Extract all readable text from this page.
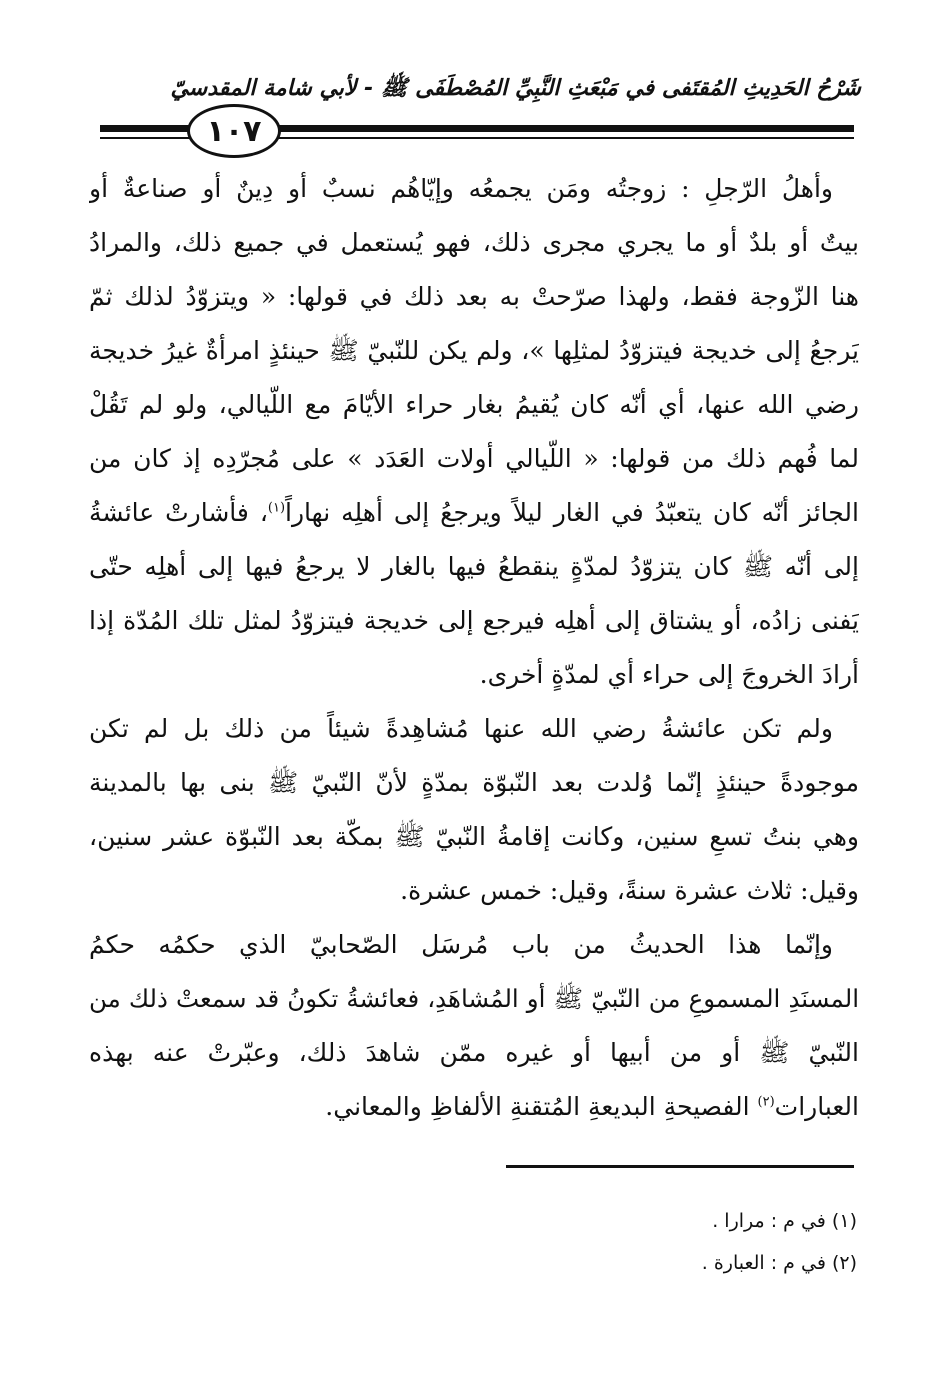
شَرْحُ الحَدِيثِ المُقتَفى في مَبْعَثِ النَّبِيِّ المُصْطَفَى ﷺ - لأبي شامة المقدسيّ
١٠٧
وأهلُ الرّجلِ : زوجتُه ومَن يجمعُه وإيّاهُم نسبٌ أو دِينٌ أو صناعةٌ أو
بيتٌ أو بلدٌ أو ما يجري مجرى ذلك، فهو يُستعمل في جميع ذلك، والمرادُ
هنا الزّوجة فقط، ولهذا صرّحتْ به بعد ذلك في قولها: « ويتزوّدُ لذلك ثمّ
يَرجعُ إلى خديجة فيتزوّدُ لمثلِها »، ولم يكن للنّبيّ ﷺ حينئذٍ امرأةٌ غيرُ خديجة
رضي الله عنها، أي أنّه كان يُقيمُ بغار حراء الأيّامَ مع اللّيالي، ولو لم تَقُلْ
لما فُهم ذلك من قولها: « اللّيالي أولات العَدَد » على مُجرّدِه إذ كان من
الجائز أنّه كان يتعبّدُ في الغار ليلاً ويرجعُ إلى أهلِه نهاراً$^{(١)}$، فأشارتْ عائشةُ
إلى أنّه ﷺ كان يتزوّدُ لمدّةٍ ينقطعُ فيها بالغار لا يرجعُ فيها إلى أهلِه حتّى
يَفنى زادُه، أو يشتاق إلى أهلِه فيرجع إلى خديجة فيتزوّدُ لمثل تلك المُدّة إذا
أرادَ الخروجَ إلى حراء أي لمدّةٍ أخرى.
ولم تكن عائشةُ رضي الله عنها مُشاهِدةً شيئاً من ذلك بل لم تكن
موجودةً حينئذٍ إنّما وُلدت بعد النّبوّة بمدّةٍ لأنّ النّبيّ ﷺ بنى بها بالمدينة
وهي بنتُ تسعِ سنين، وكانت إقامةُ النّبيّ ﷺ بمكّة بعد النّبوّة عشر سنين،
وقيل: ثلاث عشرة سنةً، وقيل: خمس عشرة.
وإنّما هذا الحديثُ من باب مُرسَل الصّحابيّ الذي حكمُه حكمُ
المسنَدِ المسموعِ من النّبيّ ﷺ أو المُشاهَدِ، فعائشةُ تكونُ قد سمعتْ ذلك من
النّبيّ ﷺ أو من أبيها أو غيره ممّن شاهدَ ذلك، وعبّرتْ عنه بهذه
العبارات$^{(٢)}$ الفصيحةِ البديعةِ المُتقنةِ الألفاظِ والمعاني.
(١) في م : مرارا .
(٢) في م : العبارة .
